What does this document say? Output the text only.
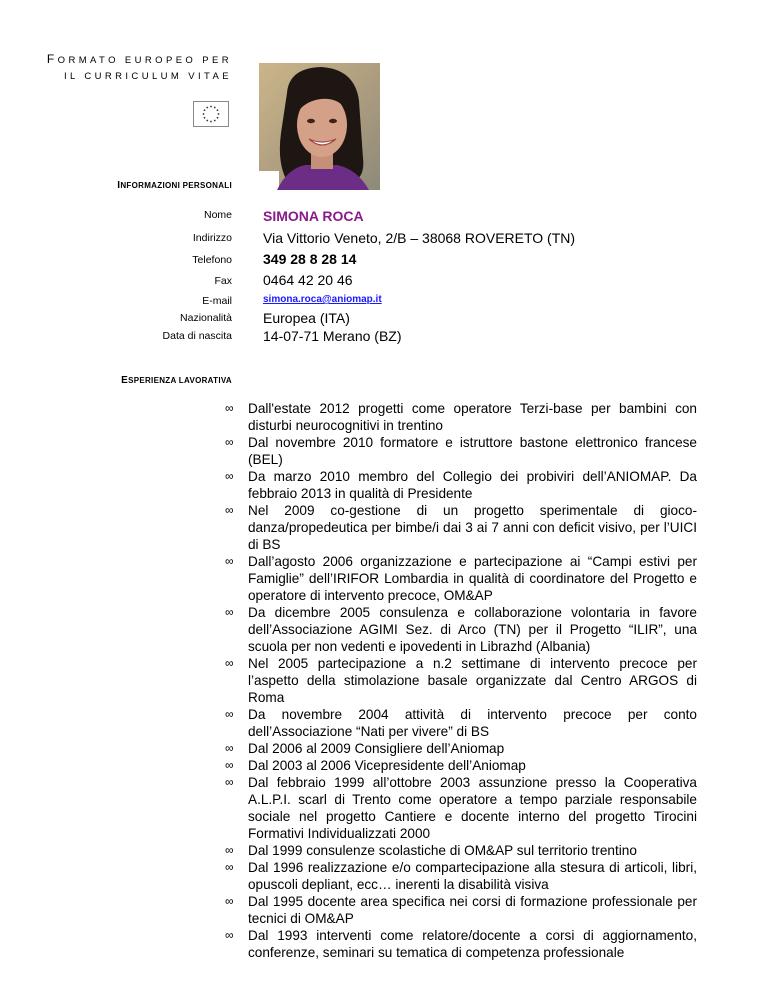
FORMATO EUROPEO PER
IL CURRICULUM VITAE
INFORMAZIONI PERSONALI
Nome SIMONA ROCA
Indirizzo Via Vittorio Veneto, 2/B – 38068 ROVERETO (TN)
Telefono 349 28 8 28 14
Fax 0464 42 20 46
E-mail	simona.roca@aniomap.it
Nazionalità Europea (ITA)
Data di nascita 14-07-71 Merano (BZ)
ESPERIENZA LAVORATIVA
∞ Dall'estate 2012 progetti come operatore Terzi-base per bambini con disturbi neurocognitivi in trentino
∞ Dal novembre 2010 formatore e istruttore bastone elettronico francese (BEL)
∞ Da marzo 2010 membro del Collegio dei probiviri dell’ANIOMAP. Da febbraio 2013 in qualità di Presidente
∞ Nel 2009 co-gestione di un progetto sperimentale di gioco-danza/propedeutica per bimbe/i dai 3 ai 7 anni con deficit visivo, per l’UICI di BS
∞ Dall’agosto 2006 organizzazione e partecipazione ai “Campi estivi per Famiglie” dell’IRIFOR Lombardia in qualità di coordinatore del Progetto e operatore di intervento precoce, OM&AP
∞ Da dicembre 2005 consulenza e collaborazione volontaria in favore dell’Associazione AGIMI Sez. di Arco (TN) per il Progetto “ILIR”, una scuola per non vedenti e ipovedenti in Librazhd (Albania)
∞ Nel 2005 partecipazione a n.2 settimane di intervento precoce per l’aspetto della stimolazione basale organizzate dal Centro ARGOS di Roma
∞ Da novembre 2004 attività di intervento precoce per conto dell’Associazione “Nati per vivere” di BS
∞ Dal 2006 al 2009 Consigliere dell’Aniomap
∞ Dal 2003 al 2006 Vicepresidente dell’Aniomap
∞ Dal febbraio 1999 all’ottobre 2003 assunzione presso la Cooperativa A.L.P.I. scarl di Trento come operatore a tempo parziale responsabile sociale nel progetto Cantiere e docente interno del progetto Tirocini Formativi Individualizzati 2000
∞ Dal 1999 consulenze scolastiche di OM&AP sul territorio trentino
∞ Dal 1996 realizzazione e/o compartecipazione alla stesura di articoli, libri, opuscoli depliant, ecc… inerenti la disabilità visiva
∞ Dal 1995 docente area specifica nei corsi di formazione professionale per tecnici di OM&AP
∞ Dal 1993 interventi come relatore/docente a corsi di aggiornamento, conferenze, seminari su tematica di competenza professionale
